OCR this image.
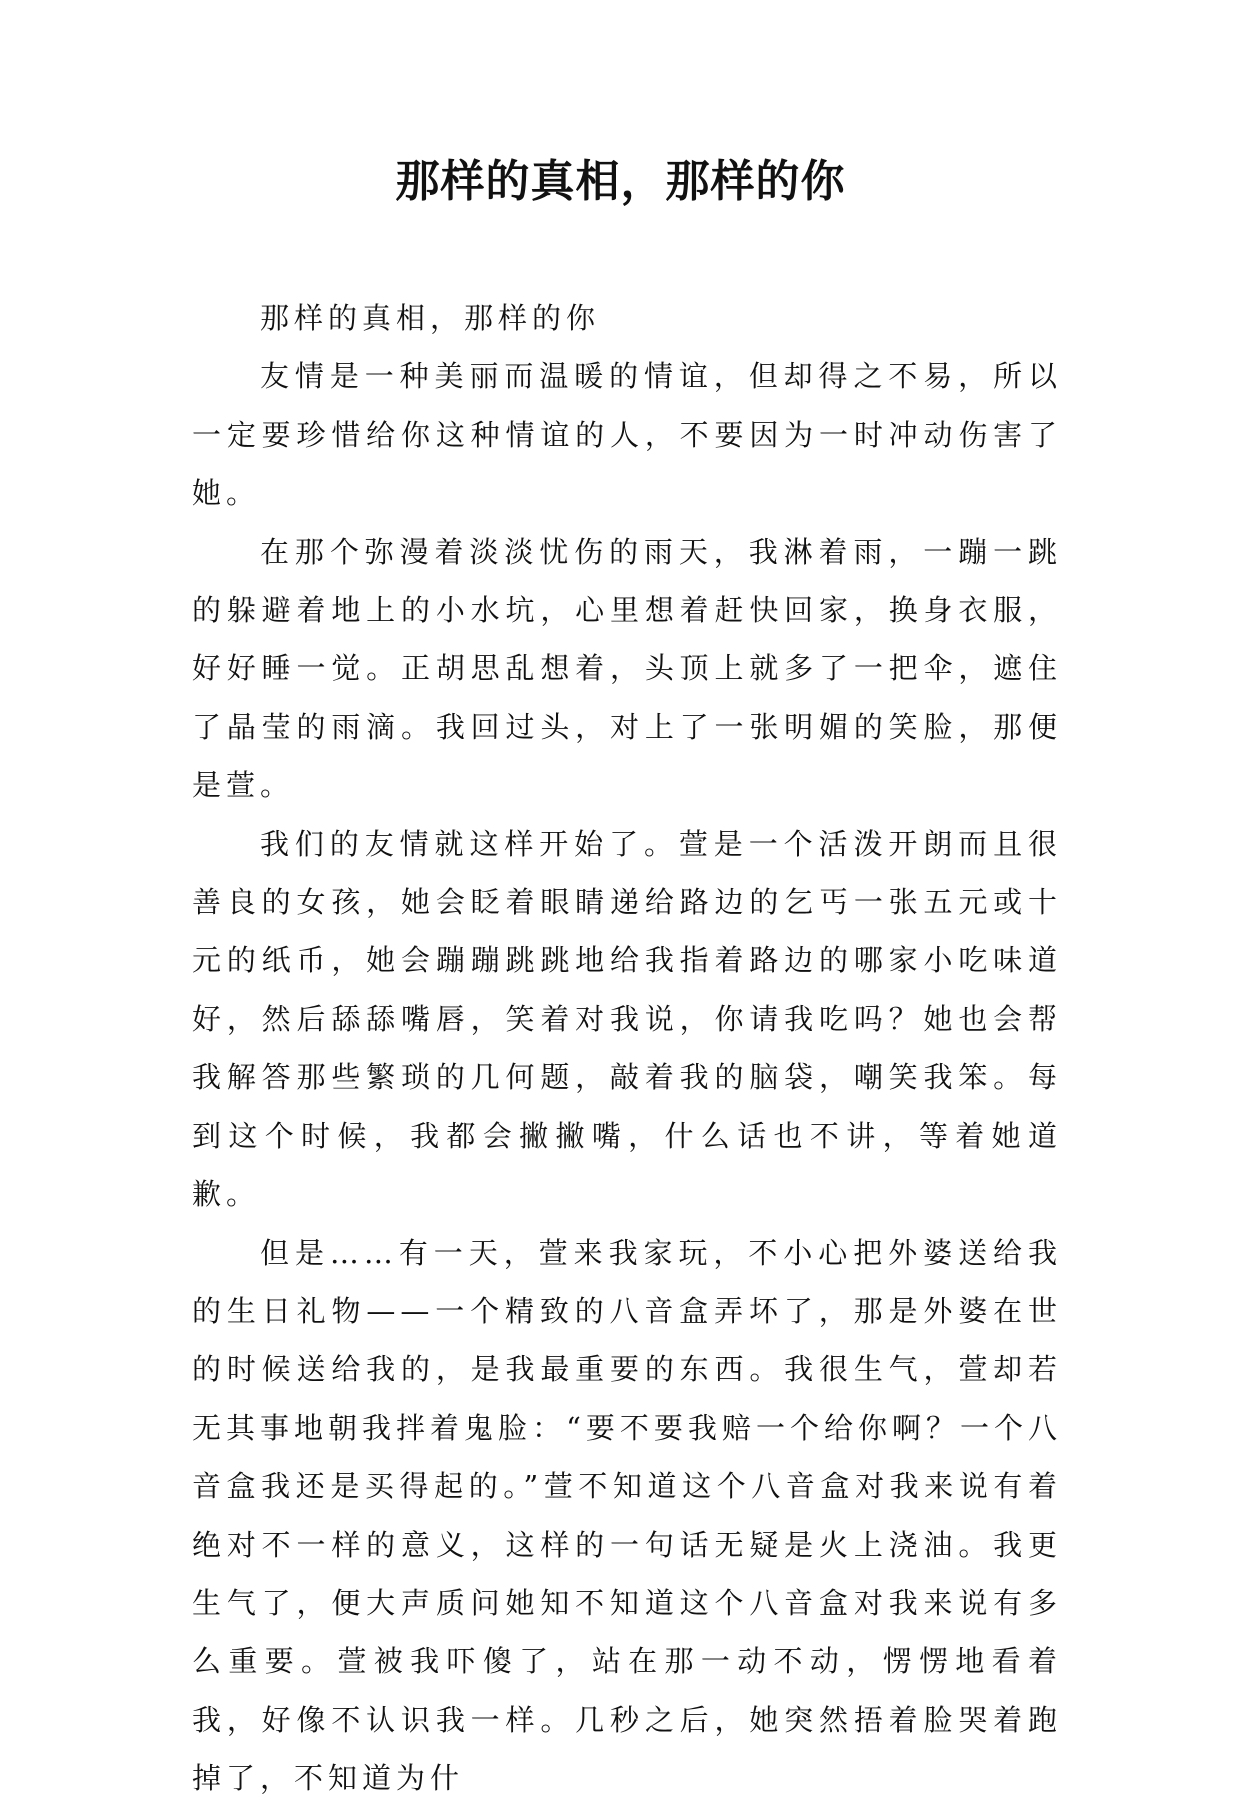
那样的真相，那样的你

那样的真相，那样的你

友情是一种美丽而温暖的情谊，但却得之不易，所以一定要珍惜给你这种情谊的人，不要因为一时冲动伤害了她。

在那个弥漫着淡淡忧伤的雨天，我淋着雨，一蹦一跳的躲避着地上的小水坑，心里想着赶快回家，换身衣服，好好睡一觉。正胡思乱想着，头顶上就多了一把伞，遮住了晶莹的雨滴。我回过头，对上了一张明媚的笑脸，那便是萱。

我们的友情就这样开始了。萱是一个活泼开朗而且很善良的女孩，她会眨着眼睛递给路边的乞丐一张五元或十元的纸币，她会蹦蹦跳跳地给我指着路边的哪家小吃味道好，然后舔舔嘴唇，笑着对我说，你请我吃吗？她也会帮我解答那些繁琐的几何题，敲着我的脑袋，嘲笑我笨。每到这个时候，我都会撇撇嘴，什么话也不讲，等着她道歉。

但是……有一天，萱来我家玩，不小心把外婆送给我的生日礼物——一个精致的八音盒弄坏了，那是外婆在世的时候送给我的，是我最重要的东西。我很生气，萱却若无其事地朝我拌着鬼脸：“要不要我赔一个给你啊？一个八音盒我还是买得起的。”萱不知道这个八音盒对我来说有着绝对不一样的意义，这样的一句话无疑是火上浇油。我更生气了，便大声质问她知不知道这个八音盒对我来说有多么重要。萱被我吓傻了，站在那一动不动，愣愣地看着我，好像不认识我一样。几秒之后，她突然捂着脸哭着跑掉了，不知道为什
